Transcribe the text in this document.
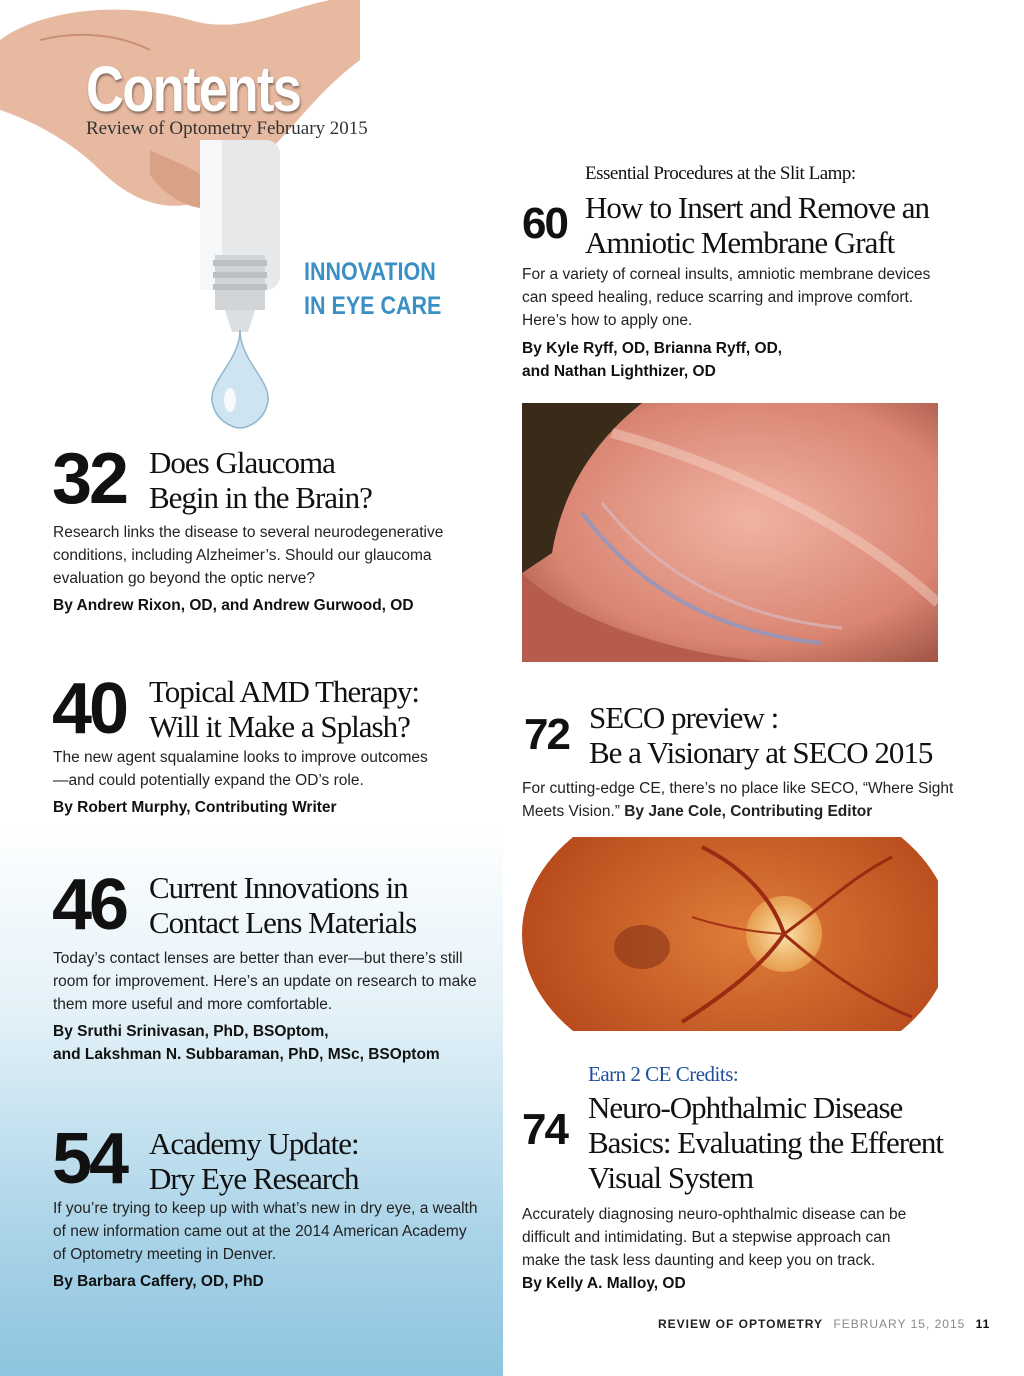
Contents
Review of Optometry February 2015
INNOVATION
IN EYE CARE
32 Does Glaucoma
Begin in the Brain?
Research links the disease to several neurodegenerative
conditions, including Alzheimer’s. Should our glaucoma
evaluation go beyond the optic nerve?
By Andrew Rixon, OD, and Andrew Gurwood, OD
40 Topical AMD Therapy:
Will it Make a Splash?
The new agent squalamine looks to improve outcomes
—and could potentially expand the OD’s role.
By Robert Murphy, Contributing Writer
46 Current Innovations in
Contact Lens Materials
Today’s contact lenses are better than ever—but there’s still
room for improvement. Here’s an update on research to make
them more useful and more comfortable.
By Sruthi Srinivasan, PhD, BSOptom,
and Lakshman N. Subbaraman, PhD, MSc, BSOptom
54 Academy Update:
Dry Eye Research
If you’re trying to keep up with what’s new in dry eye, a wealth
of new information came out at the 2014 American Academy
of Optometry meeting in Denver.
By Barbara Caffery, OD, PhD
Essential Procedures at the Slit Lamp:
60 How to Insert and Remove an
Amniotic Membrane Graft
For a variety of corneal insults, amniotic membrane devices
can speed healing, reduce scarring and improve comfort.
Here’s how to apply one.
By Kyle Ryff, OD, Brianna Ryff, OD,
and Nathan Lighthizer, OD
72 SECO preview :
Be a Visionary at SECO 2015
For cutting-edge CE, there’s no place like SECO, “Where Sight
Meets Vision.” By Jane Cole, Contributing Editor
Earn 2 CE Credits:
74 Neuro-Ophthalmic Disease
Basics: Evaluating the Efferent
Visual System
Accurately diagnosing neuro-ophthalmic disease can be
difficult and intimidating. But a stepwise approach can
make the task less daunting and keep you on track.
By Kelly A. Malloy, OD
REVIEW OF OPTOMETRY FEBRUARY 15, 2015 11
